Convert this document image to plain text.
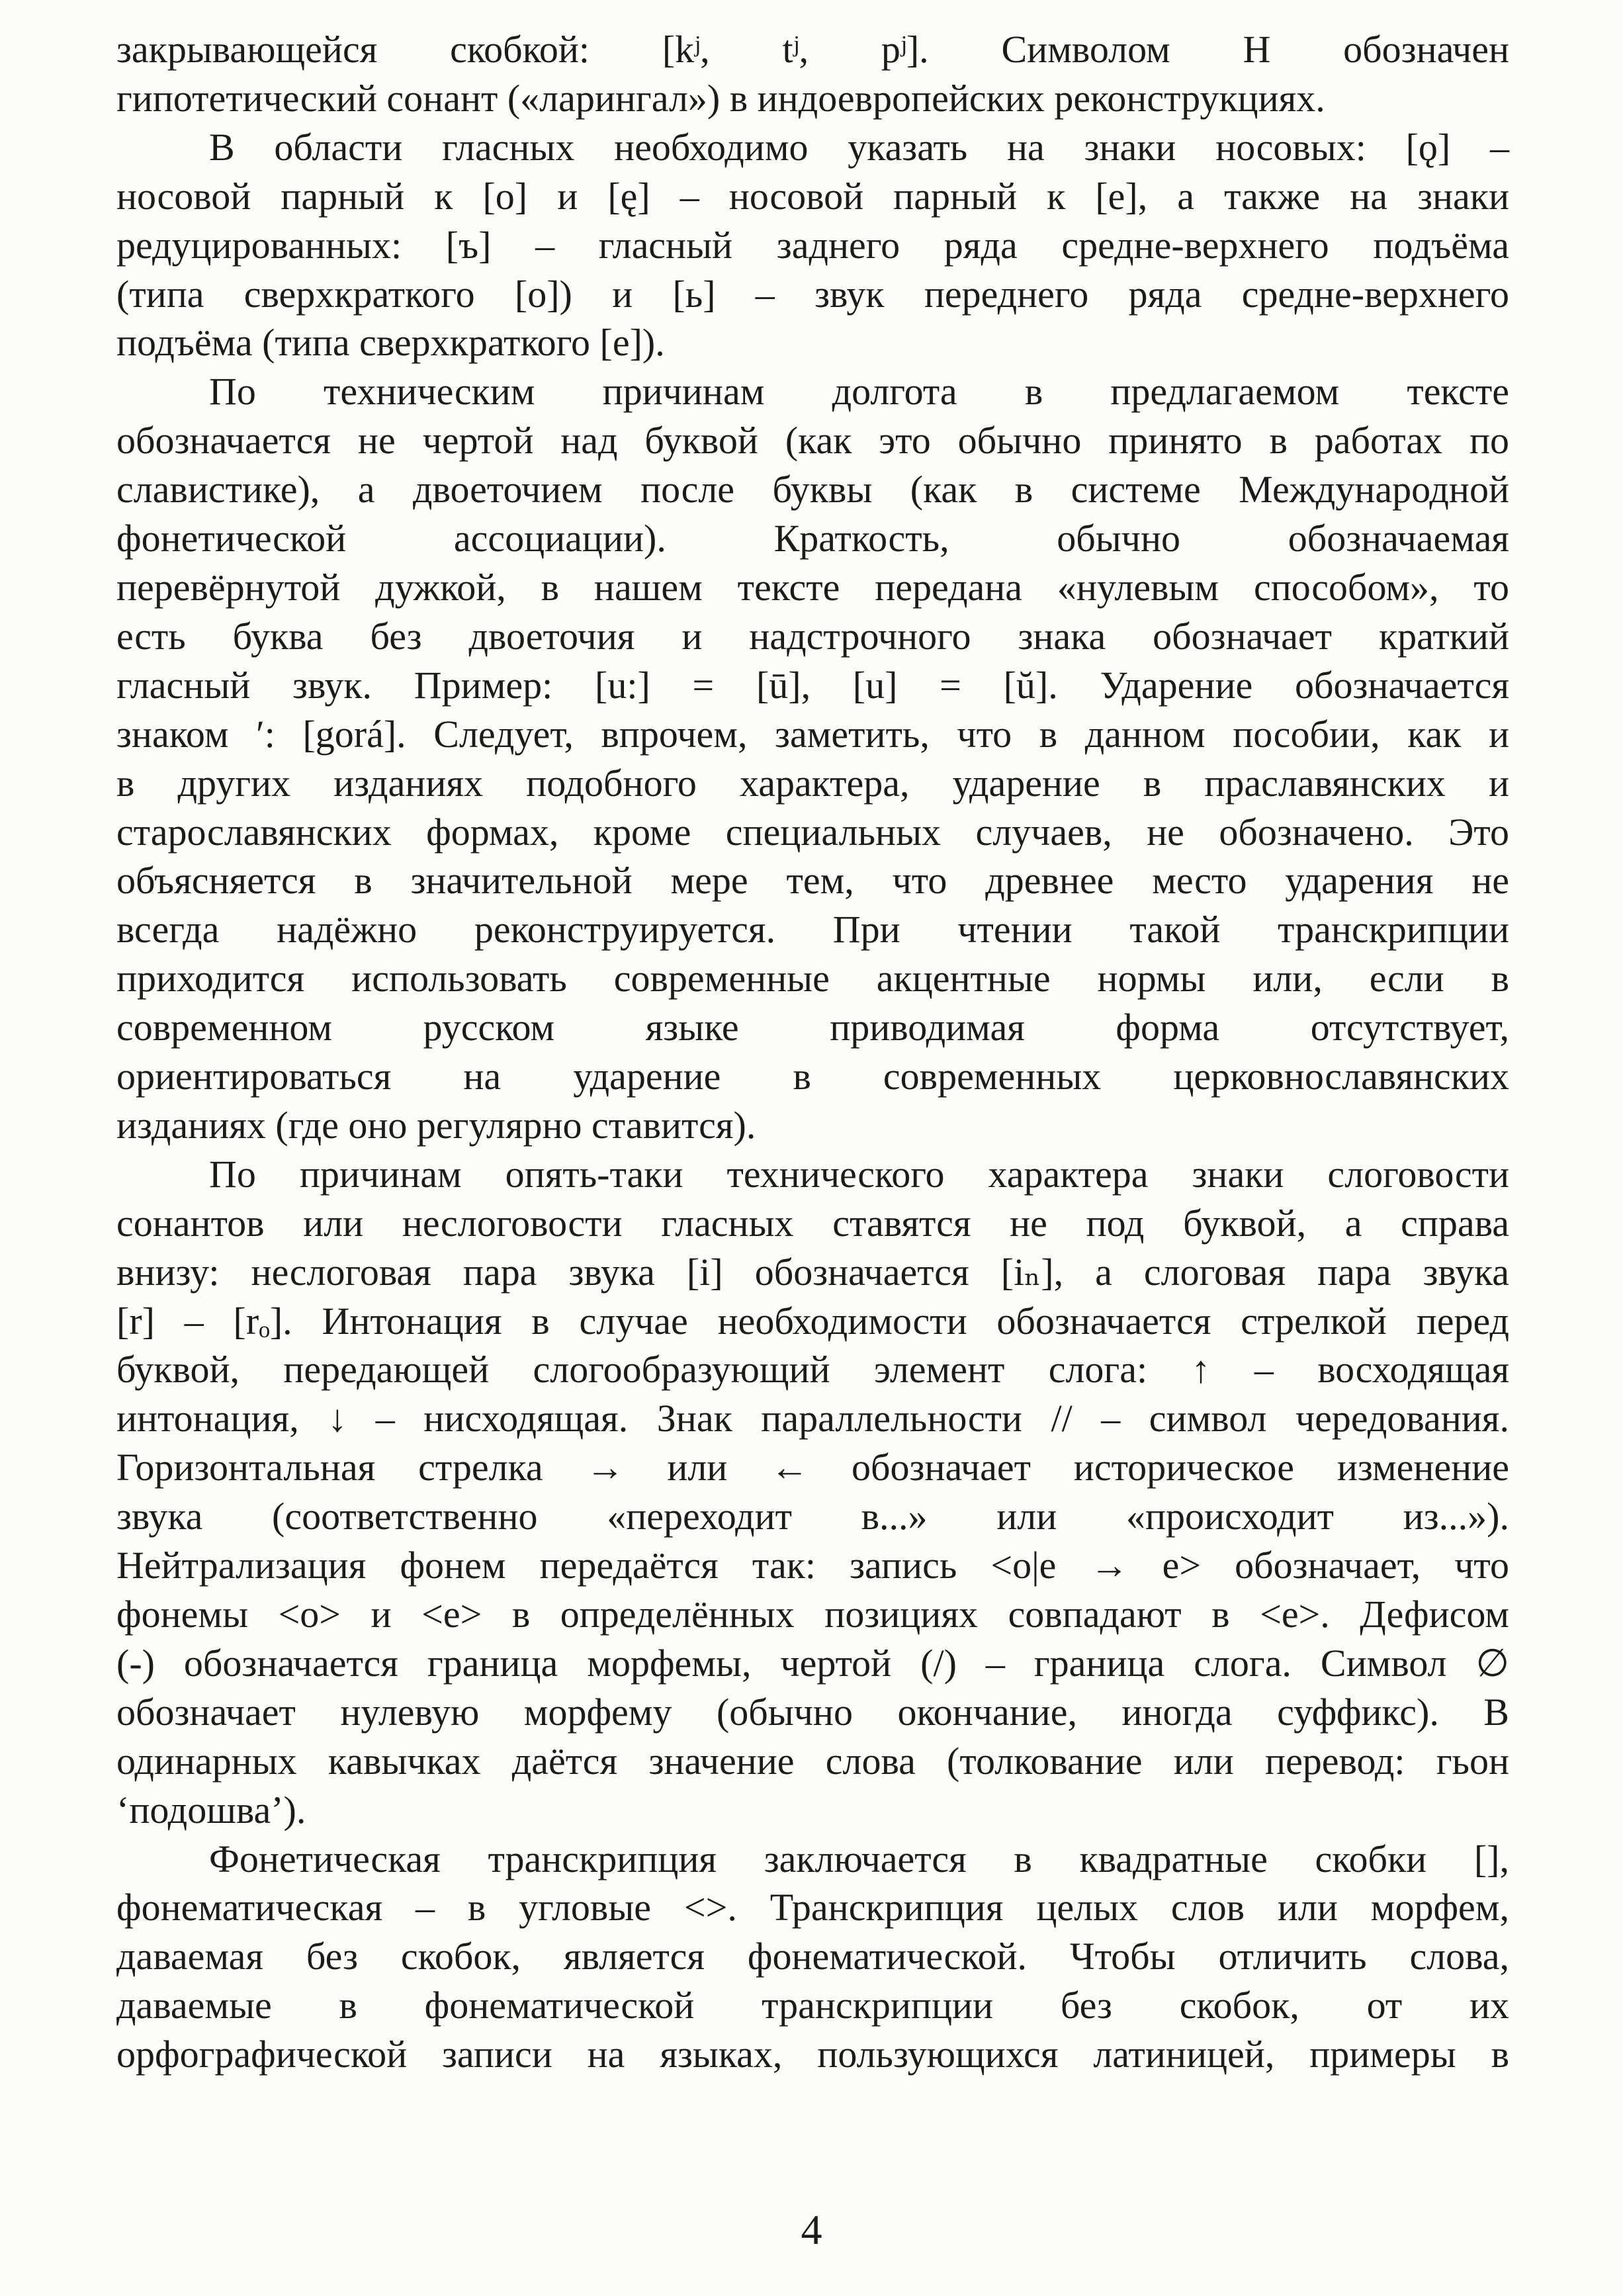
закрывающейся скобкой: [kʲ, tʲ, pʲ]. Символом H обозначен

гипотетический сонант («ларингал») в индоевропейских реконструкциях.

В области гласных необходимо указать на знаки носовых: [ǫ] –

носовой парный к [o] и [ę] – носовой парный к [e], а также на знаки

редуцированных: [ъ] – гласный заднего ряда средне-верхнего подъёма

(типа сверхкраткого [o]) и [ь] – звук переднего ряда средне-верхнего

подъёма (типа сверхкраткого [e]).

По техническим причинам долгота в предлагаемом тексте

обозначается не чертой над буквой (как это обычно принято в работах по

славистике), а двоеточием после буквы (как в системе Международной

фонетической ассоциации). Краткость, обычно обозначаемая

перевёрнутой дужкой, в нашем тексте передана «нулевым способом», то

есть буква без двоеточия и надстрочного знака обозначает краткий

гласный звук. Пример: [u:] = [ū], [u] = [ŭ]. Ударение обозначается

знаком ′: [gorá]. Следует, впрочем, заметить, что в данном пособии, как и

в других изданиях подобного характера, ударение в праславянских и

старославянских формах, кроме специальных случаев, не обозначено. Это

объясняется в значительной мере тем, что древнее место ударения не

всегда надёжно реконструируется. При чтении такой транскрипции

приходится использовать современные акцентные нормы или, если в

современном русском языке приводимая форма отсутствует,

ориентироваться на ударение в современных церковнославянских

изданиях (где оно регулярно ставится).

По причинам опять-таки технического характера знаки слоговости

сонантов или неслоговости гласных ставятся не под буквой, а справа

внизу: неслоговая пара звука [i] обозначается [iₙ], а слоговая пара звука

[r] – [rₒ]. Интонация в случае необходимости обозначается стрелкой перед

буквой, передающей слогообразующий элемент слога: ↑ – восходящая

интонация, ↓ – нисходящая. Знак параллельности // – символ чередования.

Горизонтальная стрелка → или ← обозначает историческое изменение

звука (соответственно «переходит в...» или «происходит из...»).

Нейтрализация фонем передаётся так: запись <o|e → e> обозначает, что

фонемы <o> и <e> в определённых позициях совпадают в <e>. Дефисом

(-) обозначается граница морфемы, чертой (/) – граница слога. Символ ∅

обозначает нулевую морфему (обычно окончание, иногда суффикс). В

одинарных кавычках даётся значение слова (толкование или перевод: гьон

‘подошва’).

Фонетическая транскрипция заключается в квадратные скобки [],

фонематическая – в угловые <>. Транскрипция целых слов или морфем,

даваемая без скобок, является фонематической. Чтобы отличить слова,

даваемые в фонематической транскрипции без скобок, от их

орфографической записи на языках, пользующихся латиницей, примеры в

4
